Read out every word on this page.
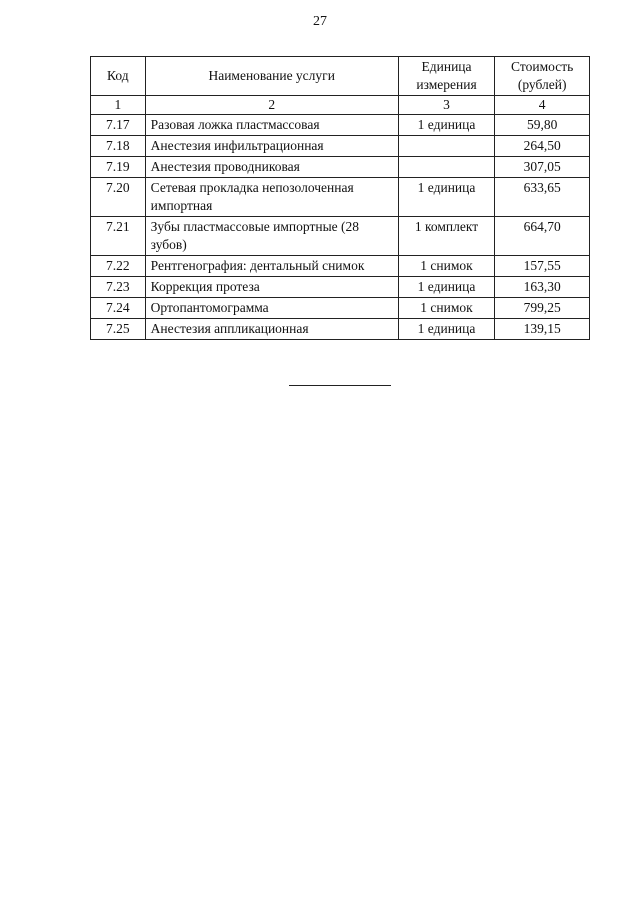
27
Код	Наименование услуги	Единица измерения	Стоимость (рублей)
1	2	3	4
7.17	Разовая ложка пластмассовая	1 единица	59,80
7.18	Анестезия инфильтрационная		264,50
7.19	Анестезия проводниковая		307,05
7.20	Сетевая прокладка непозолоченная импортная	1 единица	633,65
7.21	Зубы пластмассовые импортные (28 зубов)	1 комплект	664,70
7.22	Рентгенография: дентальный снимок	1 снимок	157,55
7.23	Коррекция протеза	1 единица	163,30
7.24	Ортопантомограмма	1 снимок	799,25
7.25	Анестезия аппликационная	1 единица	139,15
